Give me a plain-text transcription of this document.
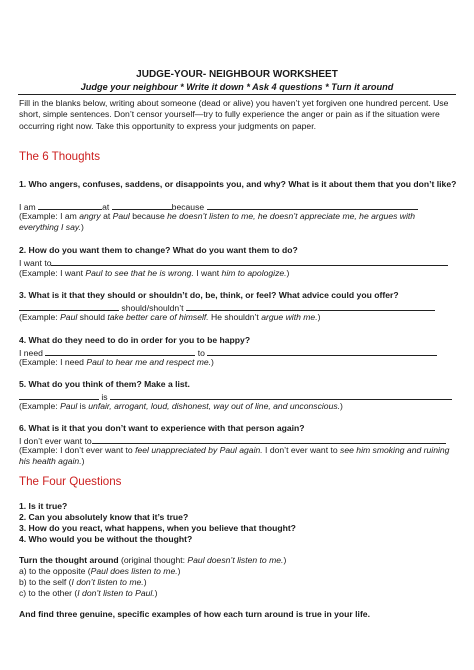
JUDGE-YOUR- NEIGHBOUR WORKSHEET
Judge your neighbour * Write it down * Ask 4 questions * Turn it around
Fill in the blanks below, writing about someone (dead or alive) you haven’t yet forgiven one hundred percent. Use short, simple sentences. Don’t censor yourself—try to fully experience the anger or pain as if the situation were occurring right now. Take this opportunity to express your judgments on paper.
The 6 Thoughts
1. Who angers, confuses, saddens, or disappoints you, and why? What is it about them that you don’t like?
I am	at	because
(Example: I am angry at Paul because he doesn’t listen to me, he doesn’t appreciate me, he argues with everything I say.)
2. How do you want them to change? What do you want them to do?
I want to
(Example: I want Paul to see that he is wrong. I want him to apologize.)
3. What is it that they should or shouldn’t do, be, think, or feel? What advice could you offer?
should/shouldn’t
(Example: Paul should take better care of himself. He shouldn’t argue with me.)
4. What do they need to do in order for you to be happy?
I need	to
(Example: I need Paul to hear me and respect me.)
5. What do you think of them? Make a list.
is
(Example: Paul is unfair, arrogant, loud, dishonest, way out of line, and unconscious.)
6. What is it that you don’t want to experience with that person again?
I don’t ever want to
(Example: I don’t ever want to feel unappreciated by Paul again. I don’t ever want to see him smoking and ruining his health again.)
The Four Questions
1. Is it true?
2. Can you absolutely know that it’s true?
3. How do you react, what happens, when you believe that thought?
4. Who would you be without the thought?
Turn the thought around (original thought: Paul doesn’t listen to me.)
a) to the opposite (Paul does listen to me.)
b) to the self (I don’t listen to me.)
c) to the other (I don’t listen to Paul.)
And find three genuine, specific examples of how each turn around is true in your life.
